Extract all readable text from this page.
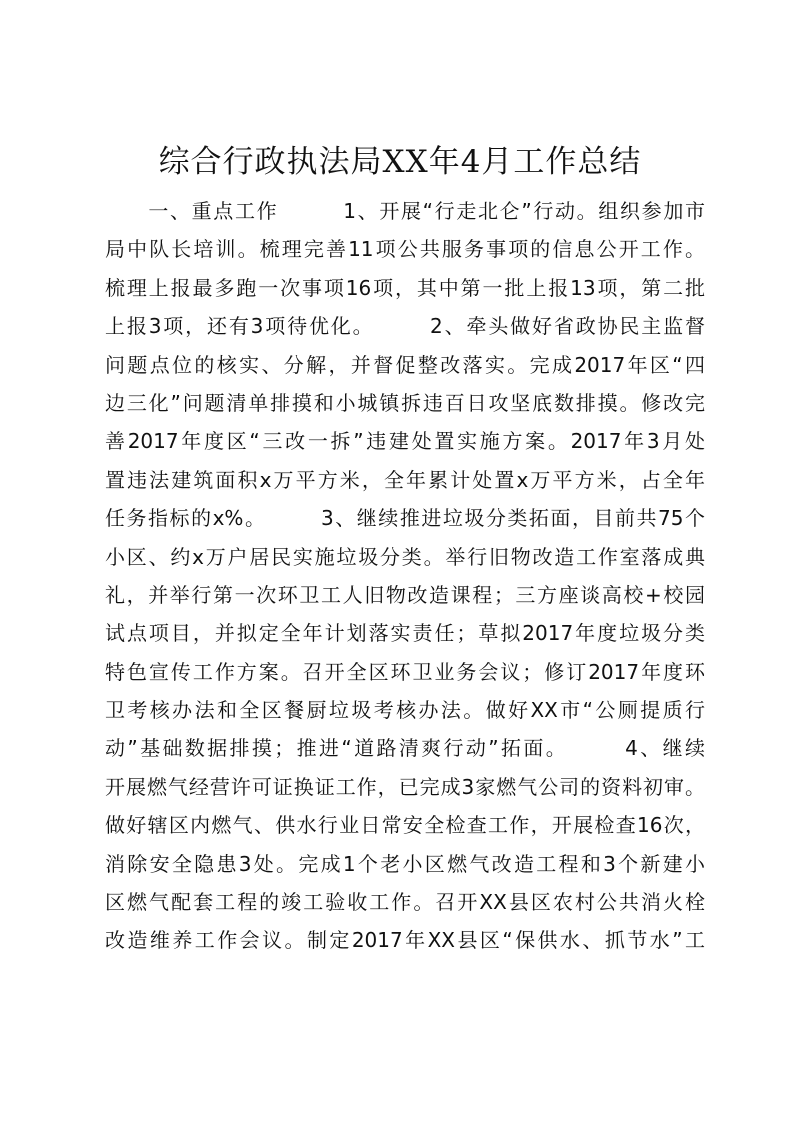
综合行政执法局XX年4月工作总结
　　一、重点工作　　　1、开展“行走北仑”行动。组织参加市
局中队长培训。梳理完善11项公共服务事项的信息公开工作。
梳理上报最多跑一次事项16项，其中第一批上报13项，第二批
上报3项，还有3项待优化。　　　2、牵头做好省政协民主监督
问题点位的核实、分解，并督促整改落实。完成2017年区“四
边三化”问题清单排摸和小城镇拆违百日攻坚底数排摸。修改完
善2017年度区“三改一拆”违建处置实施方案。2017年3月处
置违法建筑面积x万平方米，全年累计处置x万平方米，占全年
任务指标的x%。　　　3、继续推进垃圾分类拓面，目前共75个
小区、约x万户居民实施垃圾分类。举行旧物改造工作室落成典
礼，并举行第一次环卫工人旧物改造课程；三方座谈高校+校园
试点项目，并拟定全年计划落实责任；草拟2017年度垃圾分类
特色宣传工作方案。召开全区环卫业务会议；修订2017年度环
卫考核办法和全区餐厨垃圾考核办法。做好XX市“公厕提质行
动”基础数据排摸；推进“道路清爽行动”拓面。　　　4、继续
开展燃气经营许可证换证工作，已完成3家燃气公司的资料初审。
做好辖区内燃气、供水行业日常安全检查工作，开展检查16次，
消除安全隐患3处。完成1个老小区燃气改造工程和3个新建小
区燃气配套工程的竣工验收工作。召开XX县区农村公共消火栓
改造维养工作会议。制定2017年XX县区“保供水、抓节水”工
